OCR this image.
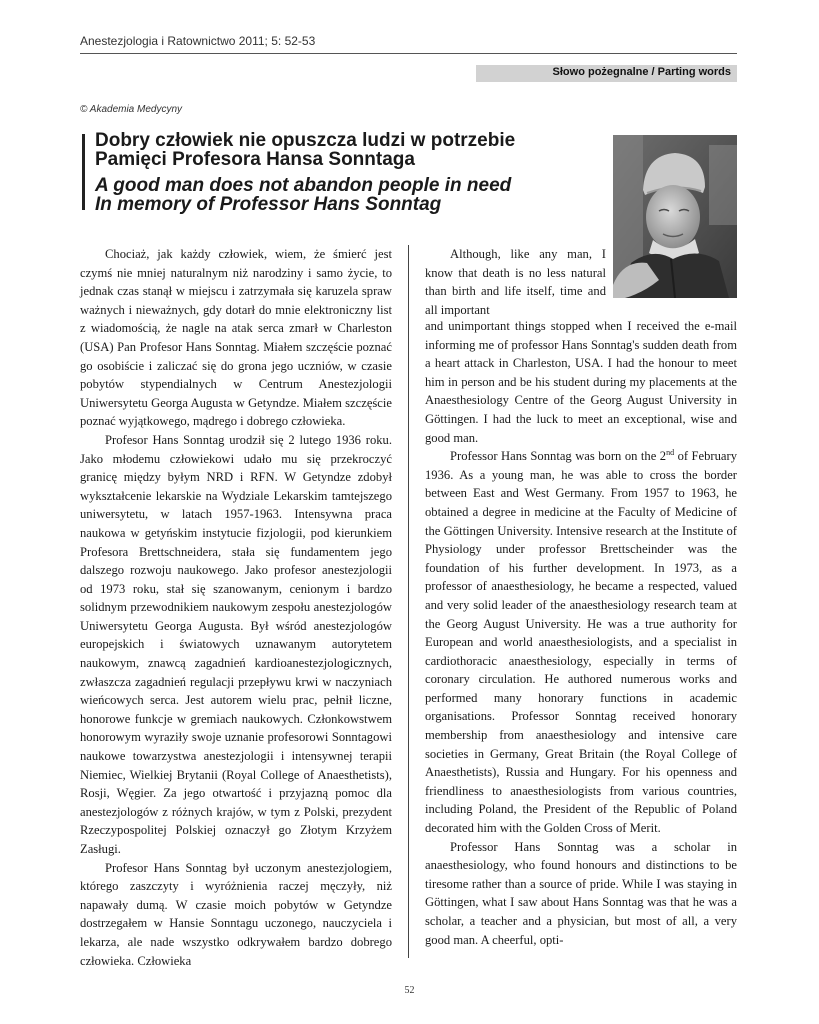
Anestezjologia i Ratownictwo 2011; 5: 52-53
Słowo pożegnalne / Parting words
© Akademia Medycyny
Dobry człowiek nie opuszcza ludzi w potrzebie
Pamięci Profesora Hansa Sonntaga
A good man does not abandon people in need
In memory of Professor Hans Sonntag

Chociaż, jak każdy człowiek, wiem, że śmierć jest czymś nie mniej naturalnym niż narodziny i samo życie, to jednak czas stanął w miejscu i zatrzymała się karuzela spraw ważnych i nieważnych, gdy dotarł do mnie elektroniczny list z wiadomością, że nagle na atak serca zmarł w Charleston (USA) Pan Profesor Hans Sonntag. Miałem szczęście poznać go osobiście i zaliczać się do grona jego uczniów, w czasie pobytów stypendialnych w Centrum Anestezjologii Uniwersytetu Georga Augusta w Getyndze. Miałem szczęście poznać wyjątkowego, mądrego i dobrego człowieka.

Profesor Hans Sonntag urodził się 2 lutego 1936 roku. Jako młodemu człowiekowi udało mu się przekroczyć granicę między byłym NRD i RFN. W Getyndze zdobył wykształcenie lekarskie na Wydziale Lekarskim tamtejszego uniwersytetu, w latach 1957-1963. Intensywna praca naukowa w getyńskim instytucie fizjologii, pod kierunkiem Profesora Brettschneidera, stała się fundamentem jego dalszego rozwoju naukowego. Jako profesor anestezjologii od 1973 roku, stał się szanowanym, cenionym i bardzo solidnym przewodnikiem naukowym zespołu anestezjologów Uniwersytetu Georga Augusta. Był wśród anestezjologów europejskich i światowych uznawanym autorytetem naukowym, znawcą zagadnień kardioanestezjologicznych, zwłaszcza zagadnień regulacji przepływu krwi w naczyniach wieńcowych serca. Jest autorem wielu prac, pełnił liczne, honorowe funkcje w gremiach naukowych. Członkowstwem honorowym wyraziły swoje uznanie profesorowi Sonntagowi naukowe towarzystwa anestezjologii i intensywnej terapii Niemiec, Wielkiej Brytanii (Royal College of Anaesthetists), Rosji, Węgier. Za jego otwartość i przyjazną pomoc dla anestezjologów z różnych krajów, w tym z Polski, prezydent Rzeczypospolitej Polskiej oznaczył go Złotym Krzyżem Zasługi.

Profesor Hans Sonntag był uczonym anestezjologiem, którego zaszczyty i wyróżnienia raczej męczyły, niż napawały dumą. W czasie moich pobytów w Getyndze dostrzegałem w Hansie Sonntagu uczonego, nauczyciela i lekarza, ale nade wszystko odkrywałem bardzo dobrego człowieka. Człowieka

Although, like any man, I know that death is no less natural than birth and life itself, time and all important

and unimportant things stopped when I received the e-mail informing me of professor Hans Sonntag's sudden death from a heart attack in Charleston, USA. I had the honour to meet him in person and be his student during my placements at the Anaesthesiology Centre of the Georg August University in Göttingen. I had the luck to meet an exceptional, wise and good man.

Professor Hans Sonntag was born on the 2nd of February 1936. As a young man, he was able to cross the border between East and West Germany. From 1957 to 1963, he obtained a degree in medicine at the Faculty of Medicine of the Göttingen University. Intensive research at the Institute of Physiology under professor Brettscheinder was the foundation of his further development. In 1973, as a professor of anaesthesiology, he became a respected, valued and very solid leader of the anaesthesiology research team at the Georg August University. He was a true authority for European and world anaesthesiologists, and a specialist in cardiothoracic anaesthesiology, especially in terms of coronary circulation. He authored numerous works and performed many honorary functions in academic organisations. Professor Sonntag received honorary membership from anaesthesiology and intensive care societies in Germany, Great Britain (the Royal College of Anaesthetists), Russia and Hungary. For his openness and friendliness to anaesthesiologists from various countries, including Poland, the President of the Republic of Poland decorated him with the Golden Cross of Merit.

Professor Hans Sonntag was a scholar in anaesthesiology, who found honours and distinctions to be tiresome rather than a source of pride. While I was staying in Göttingen, what I saw about Hans Sonntag was that he was a scholar, a teacher and a physician, but most of all, a very good man. A cheerful, opti-

52
